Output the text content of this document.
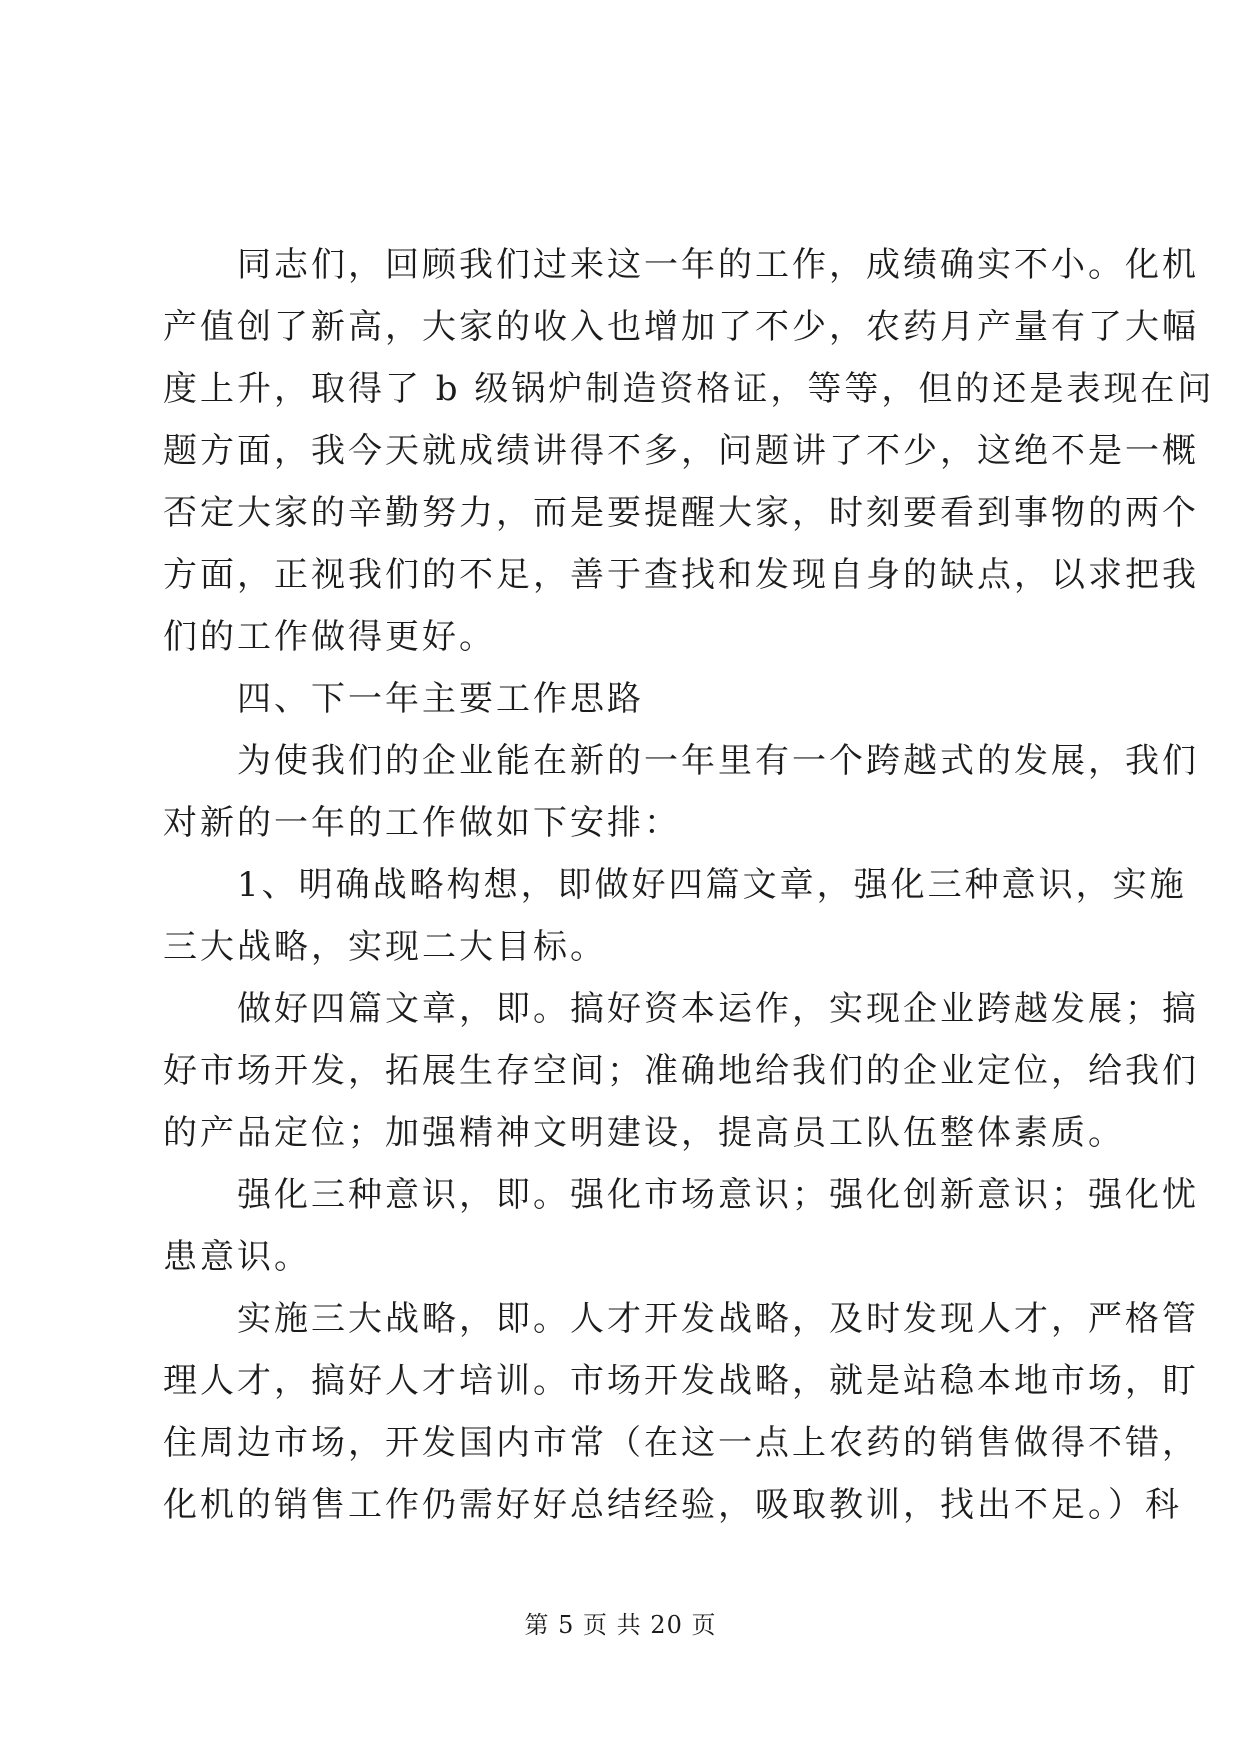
　　同志们，回顾我们过来这一年的工作，成绩确实不小。化机
产值创了新高，大家的收入也增加了不少，农药月产量有了大幅
度上升，取得了 b 级锅炉制造资格证，等等，但的还是表现在问
题方面，我今天就成绩讲得不多，问题讲了不少，这绝不是一概
否定大家的辛勤努力，而是要提醒大家，时刻要看到事物的两个
方面，正视我们的不足，善于查找和发现自身的缺点，以求把我
们的工作做得更好。
　　四、下一年主要工作思路
　　为使我们的企业能在新的一年里有一个跨越式的发展，我们
对新的一年的工作做如下安排：
　　1、明确战略构想，即做好四篇文章，强化三种意识，实施
三大战略，实现二大目标。
　　做好四篇文章，即。搞好资本运作，实现企业跨越发展；搞
好市场开发，拓展生存空间；准确地给我们的企业定位，给我们
的产品定位；加强精神文明建设，提高员工队伍整体素质。
　　强化三种意识，即。强化市场意识；强化创新意识；强化忧
患意识。
　　实施三大战略，即。人才开发战略，及时发现人才，严格管
理人才，搞好人才培训。市场开发战略，就是站稳本地市场，盯
住周边市场，开发国内市常（在这一点上农药的销售做得不错，
化机的销售工作仍需好好总结经验，吸取教训，找出不足。）科
第 5 页 共 20 页
